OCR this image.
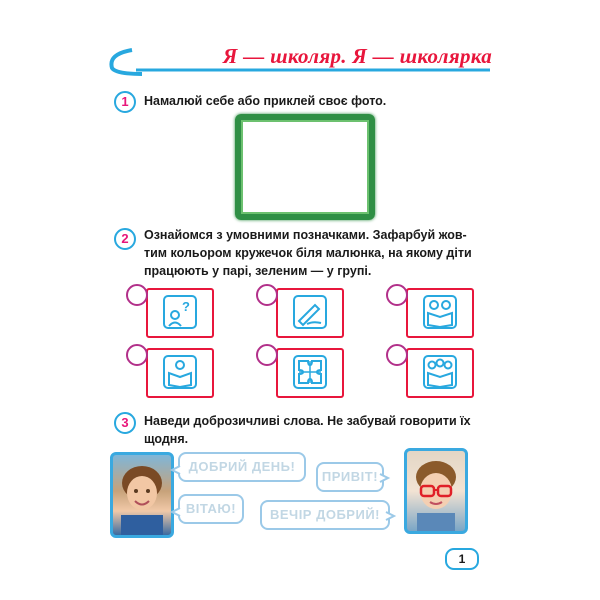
Я — школяр. Я — школярка
1	Намалюй себе або приклей своє фото.
2	Ознайомся з умовними позначками. Зафарбуй жов-
тим кольором кружечок біля малюнка, на якому діти
працюють у парі, зеленим — у групі.
?
3	Наведи доброзичливі слова. Не забувай говорити їх
щодня.
ДОБРИЙ ДЕНЬ!
ПРИВІТ!
ВІТАЮ!	ВЕЧІР ДОБРИЙ!
1
